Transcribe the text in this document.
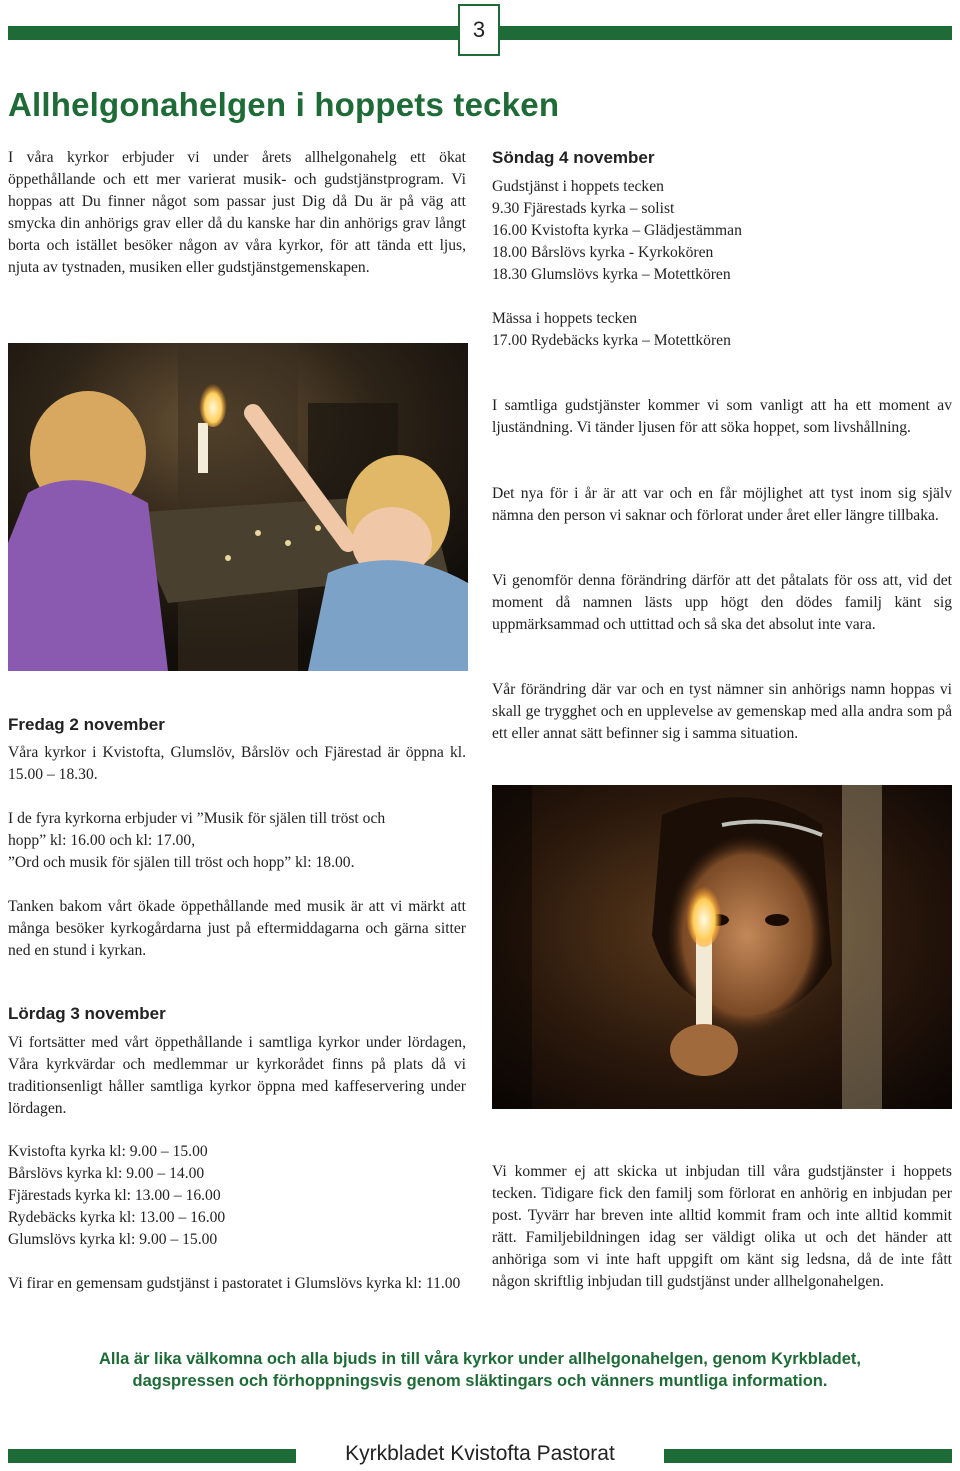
3
Allhelgonahelgen i hoppets tecken

I våra kyrkor erbjuder vi under årets allhelgonahelg ett ökat öppethållande och ett mer varierat musik- och gudstjänstprogram. Vi hoppas att Du finner något som passar just Dig då Du är på väg att smycka din anhörigs grav eller då du kanske har din anhörigs grav långt borta och istället besöker någon av våra kyrkor, för att tända ett ljus, njuta av tystnaden, musiken eller gudstjänstgemenskapen.

Fredag 2 november

Våra kyrkor i Kvistofta, Glumslöv, Bårslöv och Fjärestad är öppna kl. 15.00 – 18.30.

I de fyra kyrkorna erbjuder vi ”Musik för själen till tröst och
hopp” kl: 16.00 och kl: 17.00,
”Ord och musik för själen till tröst och hopp” kl: 18.00.

Tanken bakom vårt ökade öppethållande med musik är att vi märkt att många besöker kyrkogårdarna just på eftermiddagarna och gärna sitter ned en stund i kyrkan.

Lördag 3 november

Vi fortsätter med vårt öppethållande i samtliga kyrkor under lördagen, Våra kyrkvärdar och medlemmar ur kyrkorådet finns på plats då vi traditionsenligt håller samtliga kyrkor öppna med kaffeservering under lördagen.

Kvistofta kyrka kl: 9.00 – 15.00
Bårslövs kyrka kl: 9.00 – 14.00
Fjärestads kyrka kl: 13.00 – 16.00
Rydebäcks kyrka kl: 13.00 – 16.00
Glumslövs kyrka kl: 9.00 – 15.00

Vi firar en gemensam gudstjänst i pastoratet i Glumslövs kyrka kl: 11.00

Söndag 4 november
Gudstjänst i hoppets tecken
9.30 Fjärestads kyrka – solist
16.00 Kvistofta kyrka – Glädjestämman
18.00 Bårslövs kyrka - Kyrkokören
18.30 Glumslövs kyrka – Motettkören
Mässa i hoppets tecken
17.00 Rydebäcks kyrka – Motettkören

I samtliga gudstjänster kommer vi som vanligt att ha ett moment av ljuständning. Vi tänder ljusen för att söka hoppet, som livshållning.

Det nya för i år är att var och en får möjlighet att tyst inom sig själv nämna den person vi saknar och förlorat under året eller längre tillbaka.

Vi genomför denna förändring därför att det påtalats för oss att, vid det moment då namnen lästs upp högt den dödes familj känt sig uppmärksammad och uttittad och så ska det absolut inte vara.

Vår förändring där var och en tyst nämner sin anhörigs namn hoppas vi skall ge trygghet och en upplevelse av gemenskap med alla andra som på ett eller annat sätt befinner sig i samma situation.

Vi kommer ej att skicka ut inbjudan till våra gudstjänster i hoppets tecken. Tidigare fick den familj som förlorat en anhörig en inbjudan per post. Tyvärr har breven inte alltid kommit fram och inte alltid kommit rätt. Familjebildningen idag ser väldigt olika ut och det händer att anhöriga som vi inte haft uppgift om känt sig ledsna, då de inte fått någon skriftlig inbjudan till gudstjänst under allhelgonahelgen.

Alla är lika välkomna och alla bjuds in till våra kyrkor under allhelgonahelgen, genom Kyrkbladet,
dagspressen och förhoppningsvis genom släktingars och vänners muntliga information.
Kyrkbladet Kvistofta Pastorat
